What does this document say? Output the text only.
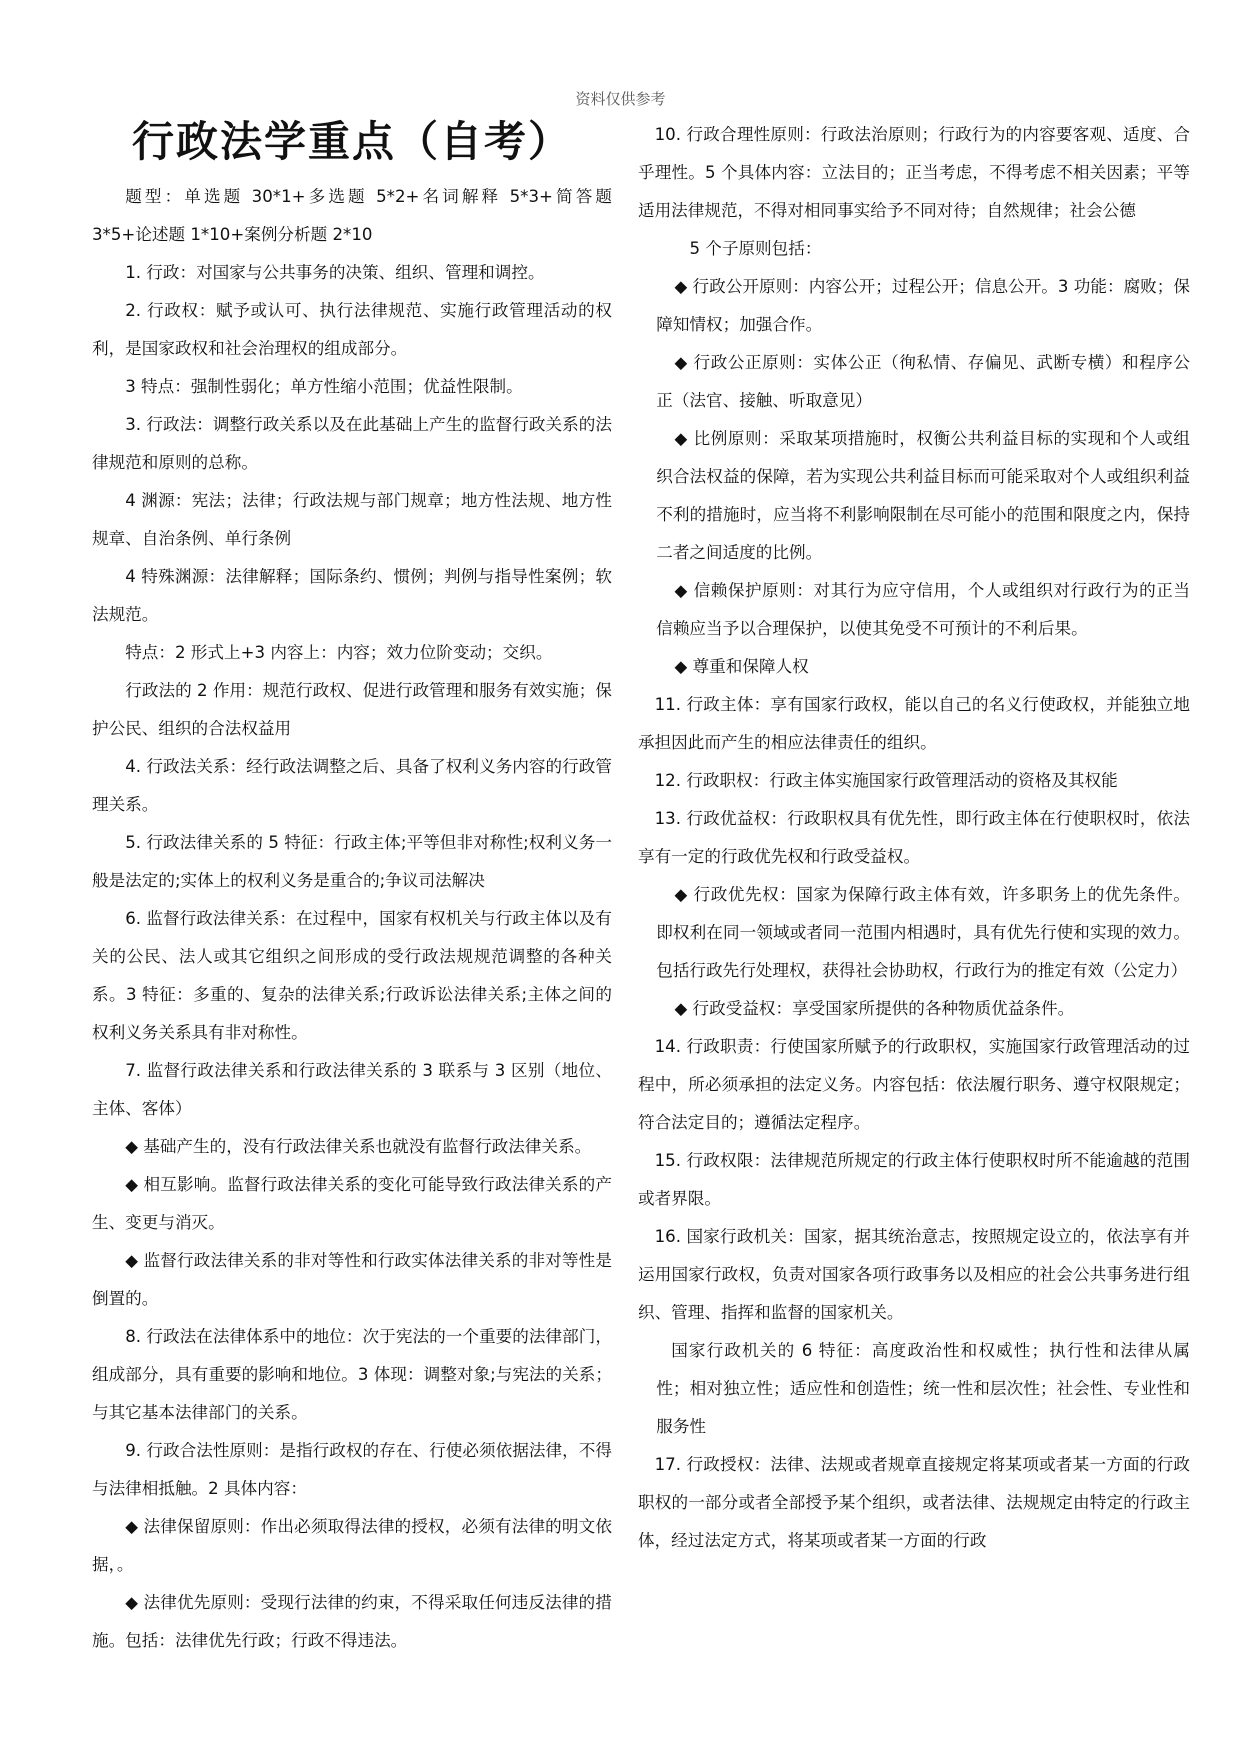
资料仅供参考
行政法学重点（自考）

题型：单选题 30*1+多选题 5*2+名词解释 5*3+简答题 3*5+论述题 1*10+案例分析题 2*10

1. 行政：对国家与公共事务的决策、组织、管理和调控。

2. 行政权：赋予或认可、执行法律规范、实施行政管理活动的权利，是国家政权和社会治理权的组成部分。

3 特点：强制性弱化；单方性缩小范围；优益性限制。

3. 行政法：调整行政关系以及在此基础上产生的监督行政关系的法律规范和原则的总称。

4 渊源：宪法；法律；行政法规与部门规章；地方性法规、地方性规章、自治条例、单行条例

4 特殊渊源：法律解释；国际条约、惯例；判例与指导性案例；软法规范。

特点：2 形式上+3 内容上：内容；效力位阶变动；交织。

行政法的 2 作用：规范行政权、促进行政管理和服务有效实施；保护公民、组织的合法权益用

4. 行政法关系：经行政法调整之后、具备了权利义务内容的行政管理关系。

5. 行政法律关系的 5 特征：行政主体;平等但非对称性;权利义务一般是法定的;实体上的权利义务是重合的;争议司法解决

6. 监督行政法律关系：在过程中，国家有权机关与行政主体以及有关的公民、法人或其它组织之间形成的受行政法规规范调整的各种关系。3 特征：多重的、复杂的法律关系;行政诉讼法律关系;主体之间的权利义务关系具有非对称性。

7. 监督行政法律关系和行政法律关系的 3 联系与 3 区别（地位、主体、客体）

◆ 基础产生的，没有行政法律关系也就没有监督行政法律关系。

◆ 相互影响。监督行政法律关系的变化可能导致行政法律关系的产生、变更与消灭。

◆ 监督行政法律关系的非对等性和行政实体法律关系的非对等性是倒置的。

8. 行政法在法律体系中的地位：次于宪法的一个重要的法律部门，组成部分，具有重要的影响和地位。3 体现：调整对象;与宪法的关系；与其它基本法律部门的关系。

9. 行政合法性原则：是指行政权的存在、行使必须依据法律，不得与法律相抵触。2 具体内容：

◆ 法律保留原则：作出必须取得法律的授权，必须有法律的明文依据，。

◆ 法律优先原则：受现行法律的约束，不得采取任何违反法律的措施。包括：法律优先行政；行政不得违法。

10. 行政合理性原则：行政法治原则；行政行为的内容要客观、适度、合乎理性。5 个具体内容：立法目的；正当考虑，不得考虑不相关因素；平等适用法律规范，不得对相同事实给予不同对待；自然规律；社会公德

5 个子原则包括：

◆ 行政公开原则：内容公开；过程公开；信息公开。3 功能：腐败；保障知情权；加强合作。

◆ 行政公正原则：实体公正（徇私情、存偏见、武断专横）和程序公正（法官、接触、听取意见）

◆ 比例原则：采取某项措施时，权衡公共利益目标的实现和个人或组织合法权益的保障，若为实现公共利益目标而可能采取对个人或组织利益不利的措施时，应当将不利影响限制在尽可能小的范围和限度之内，保持二者之间适度的比例。

◆ 信赖保护原则：对其行为应守信用，个人或组织对行政行为的正当信赖应当予以合理保护，以使其免受不可预计的不利后果。

◆ 尊重和保障人权

11. 行政主体：享有国家行政权，能以自己的名义行使政权，并能独立地承担因此而产生的相应法律责任的组织。

12. 行政职权：行政主体实施国家行政管理活动的资格及其权能

13. 行政优益权：行政职权具有优先性，即行政主体在行使职权时，依法享有一定的行政优先权和行政受益权。

◆ 行政优先权：国家为保障行政主体有效，许多职务上的优先条件。即权利在同一领域或者同一范围内相遇时，具有优先行使和实现的效力。包括行政先行处理权，获得社会协助权，行政行为的推定有效（公定力）

◆ 行政受益权：享受国家所提供的各种物质优益条件。

14. 行政职责：行使国家所赋予的行政职权，实施国家行政管理活动的过程中，所必须承担的法定义务。内容包括：依法履行职务、遵守权限规定；符合法定目的；遵循法定程序。

15. 行政权限：法律规范所规定的行政主体行使职权时所不能逾越的范围或者界限。

16. 国家行政机关：国家，据其统治意志，按照规定设立的，依法享有并运用国家行政权，负责对国家各项行政事务以及相应的社会公共事务进行组织、管理、指挥和监督的国家机关。

国家行政机关的 6 特征：高度政治性和权威性；执行性和法律从属性；相对独立性；适应性和创造性；统一性和层次性；社会性、专业性和服务性

17. 行政授权：法律、法规或者规章直接规定将某项或者某一方面的行政职权的一部分或者全部授予某个组织，或者法律、法规规定由特定的行政主体，经过法定方式，将某项或者某一方面的行政
